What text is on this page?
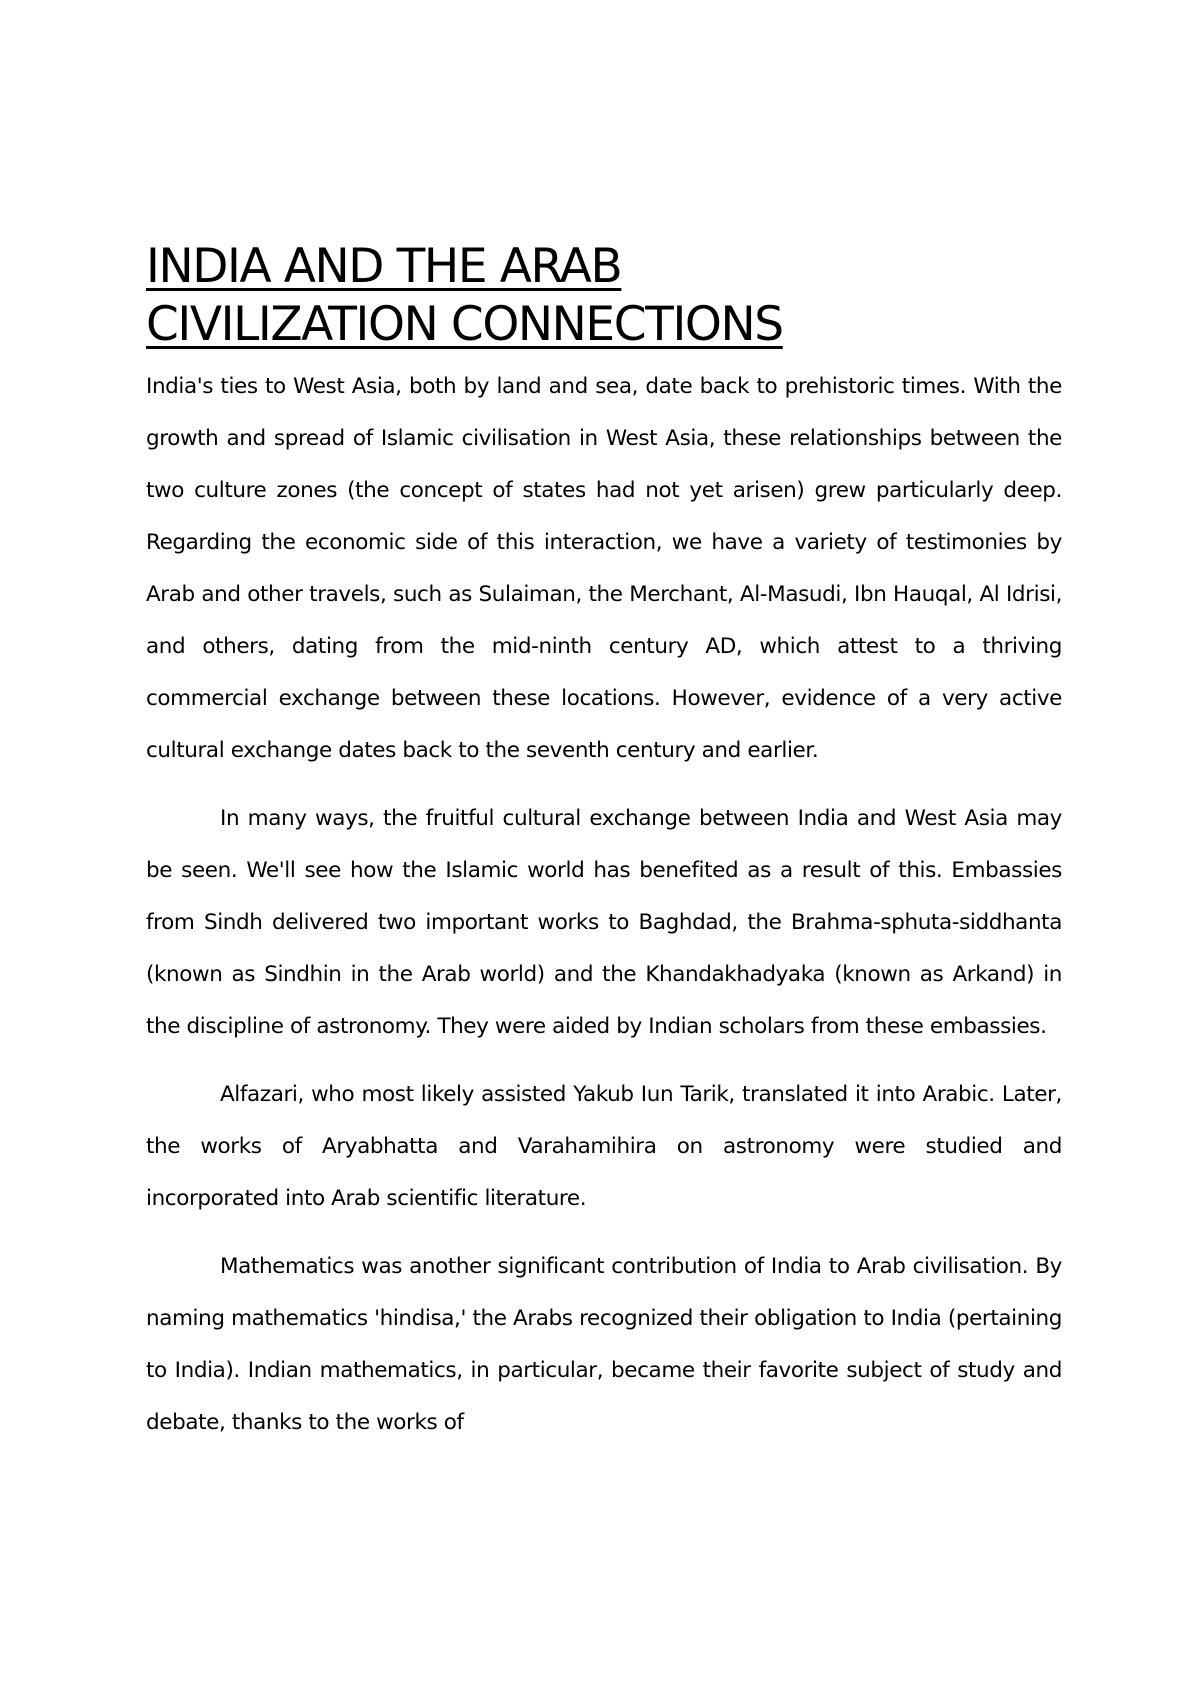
INDIA AND THE ARAB
CIVILIZATION CONNECTIONS

India's ties to West Asia, both by land and sea, date back to prehistoric times. With the growth and spread of Islamic civilisation in West Asia, these relationships between the two culture zones (the concept of states had not yet arisen) grew particularly deep. Regarding the economic side of this interaction, we have a variety of testimonies by Arab and other travels, such as Sulaiman, the Merchant, Al-Masudi, Ibn Hauqal, Al Idrisi, and others, dating from the mid-ninth century AD, which attest to a thriving commercial exchange between these locations. However, evidence of a very active cultural exchange dates back to the seventh century and earlier.

In many ways, the fruitful cultural exchange between India and West Asia may be seen. We'll see how the Islamic world has benefited as a result of this. Embassies from Sindh delivered two important works to Baghdad, the Brahma-sphuta-siddhanta (known as Sindhin in the Arab world) and the Khandakhadyaka (known as Arkand) in the discipline of astronomy. They were aided by Indian scholars from these embassies.

Alfazari, who most likely assisted Yakub Iun Tarik, translated it into Arabic. Later, the works of Aryabhatta and Varahamihira on astronomy were studied and incorporated into Arab scientific literature.

Mathematics was another significant contribution of India to Arab civilisation. By naming mathematics 'hindisa,' the Arabs recognized their obligation to India (pertaining to India). Indian mathematics, in particular, became their favorite subject of study and debate, thanks to the works of
